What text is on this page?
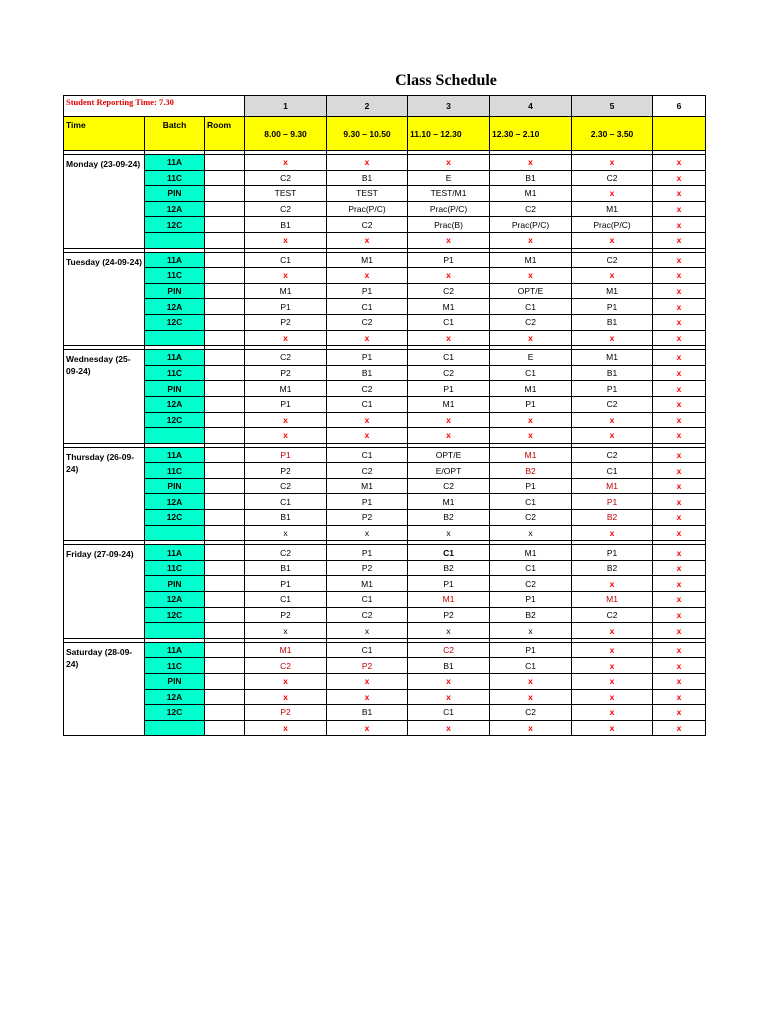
Class Schedule
Student Reporting Time: 7.30			1	2	3	4	5	6
Time	Batch	Room	8.00 – 9.30	9.30 – 10.50	11.10 – 12.30	12.30 – 2.10	2.30 – 3.50	

Monday (23-09-24)	11A		x	x	x	x	x	x
	11C		C2	B1	E	B1	C2	x
	PIN		TEST	TEST	TEST/M1	M1	x	x
	12A		C2	Prac(P/C)	Prac(P/C)	C2	M1	x
	12C		B1	C2	Prac(B)	Prac(P/C)	Prac(P/C)	x
			x	x	x	x	x	x

Tuesday (24-09-24)	11A		C1	M1	P1	M1	C2	x
	11C		x	x	x	x	x	x
	PIN		M1	P1	C2	OPT/E	M1	x
	12A		P1	C1	M1	C1	P1	x
	12C		P2	C2	C1	C2	B1	x
			x	x	x	x	x	x

Wednesday (25-09-24)	11A		C2	P1	C1	E	M1	x
	11C		P2	B1	C2	C1	B1	x
	PIN		M1	C2	P1	M1	P1	x
	12A		P1	C1	M1	P1	C2	x
	12C		x	x	x	x	x	x
			x	x	x	x	x	x

Thursday (26-09-24)	11A		P1	C1	OPT/E	M1	C2	x
	11C		P2	C2	E/OPT	B2	C1	x
	PIN		C2	M1	C2	P1	M1	x
	12A		C1	P1	M1	C1	P1	x
	12C		B1	P2	B2	C2	B2	x
			x	x	x	x	x	x

Friday (27-09-24)	11A		C2	P1	C1	M1	P1	x
	11C		B1	P2	B2	C1	B2	x
	PIN		P1	M1	P1	C2	x	x
	12A		C1	C1	M1	P1	M1	x
	12C		P2	C2	P2	B2	C2	x
			x	x	x	x	x	x

Saturday (28-09-24)	11A		M1	C1	C2	P1	x	x
	11C		C2	P2	B1	C1	x	x
	PIN		x	x	x	x	x	x
	12A		x	x	x	x	x	x
	12C		P2	B1	C1	C2	x	x
			x	x	x	x	x	x
